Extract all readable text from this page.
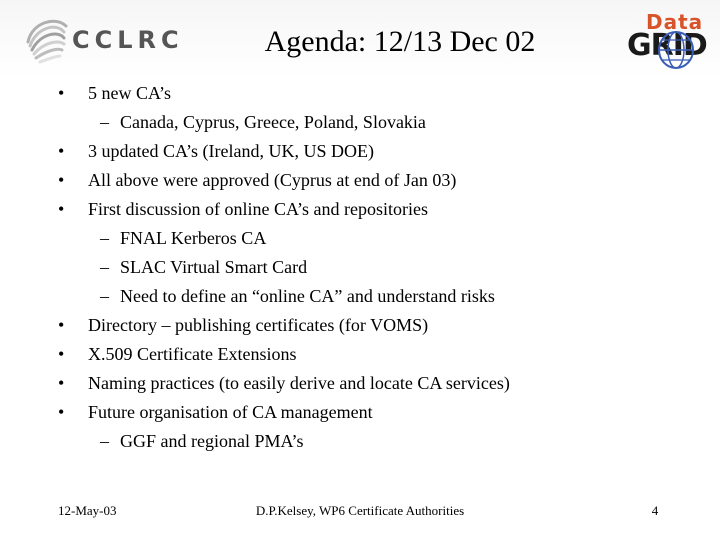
CCLRC	Agenda: 12/13 Dec 02
Data
GRID
•	5 new CA’s
– Canada, Cyprus, Greece, Poland, Slovakia
•	3 updated CA’s (Ireland, UK, US DOE)
•	All above were approved (Cyprus at end of Jan 03)
•	First discussion of online CA’s and repositories
– FNAL Kerberos CA
– SLAC Virtual Smart Card
– Need to define an “online CA” and understand risks
•	Directory – publishing certificates (for VOMS)
•	X.509 Certificate Extensions
•	Naming practices (to easily derive and locate CA services)
•	Future organisation of CA management
– GGF and regional PMA’s
12-May-03	D.P.Kelsey, WP6 Certificate Authorities	4
